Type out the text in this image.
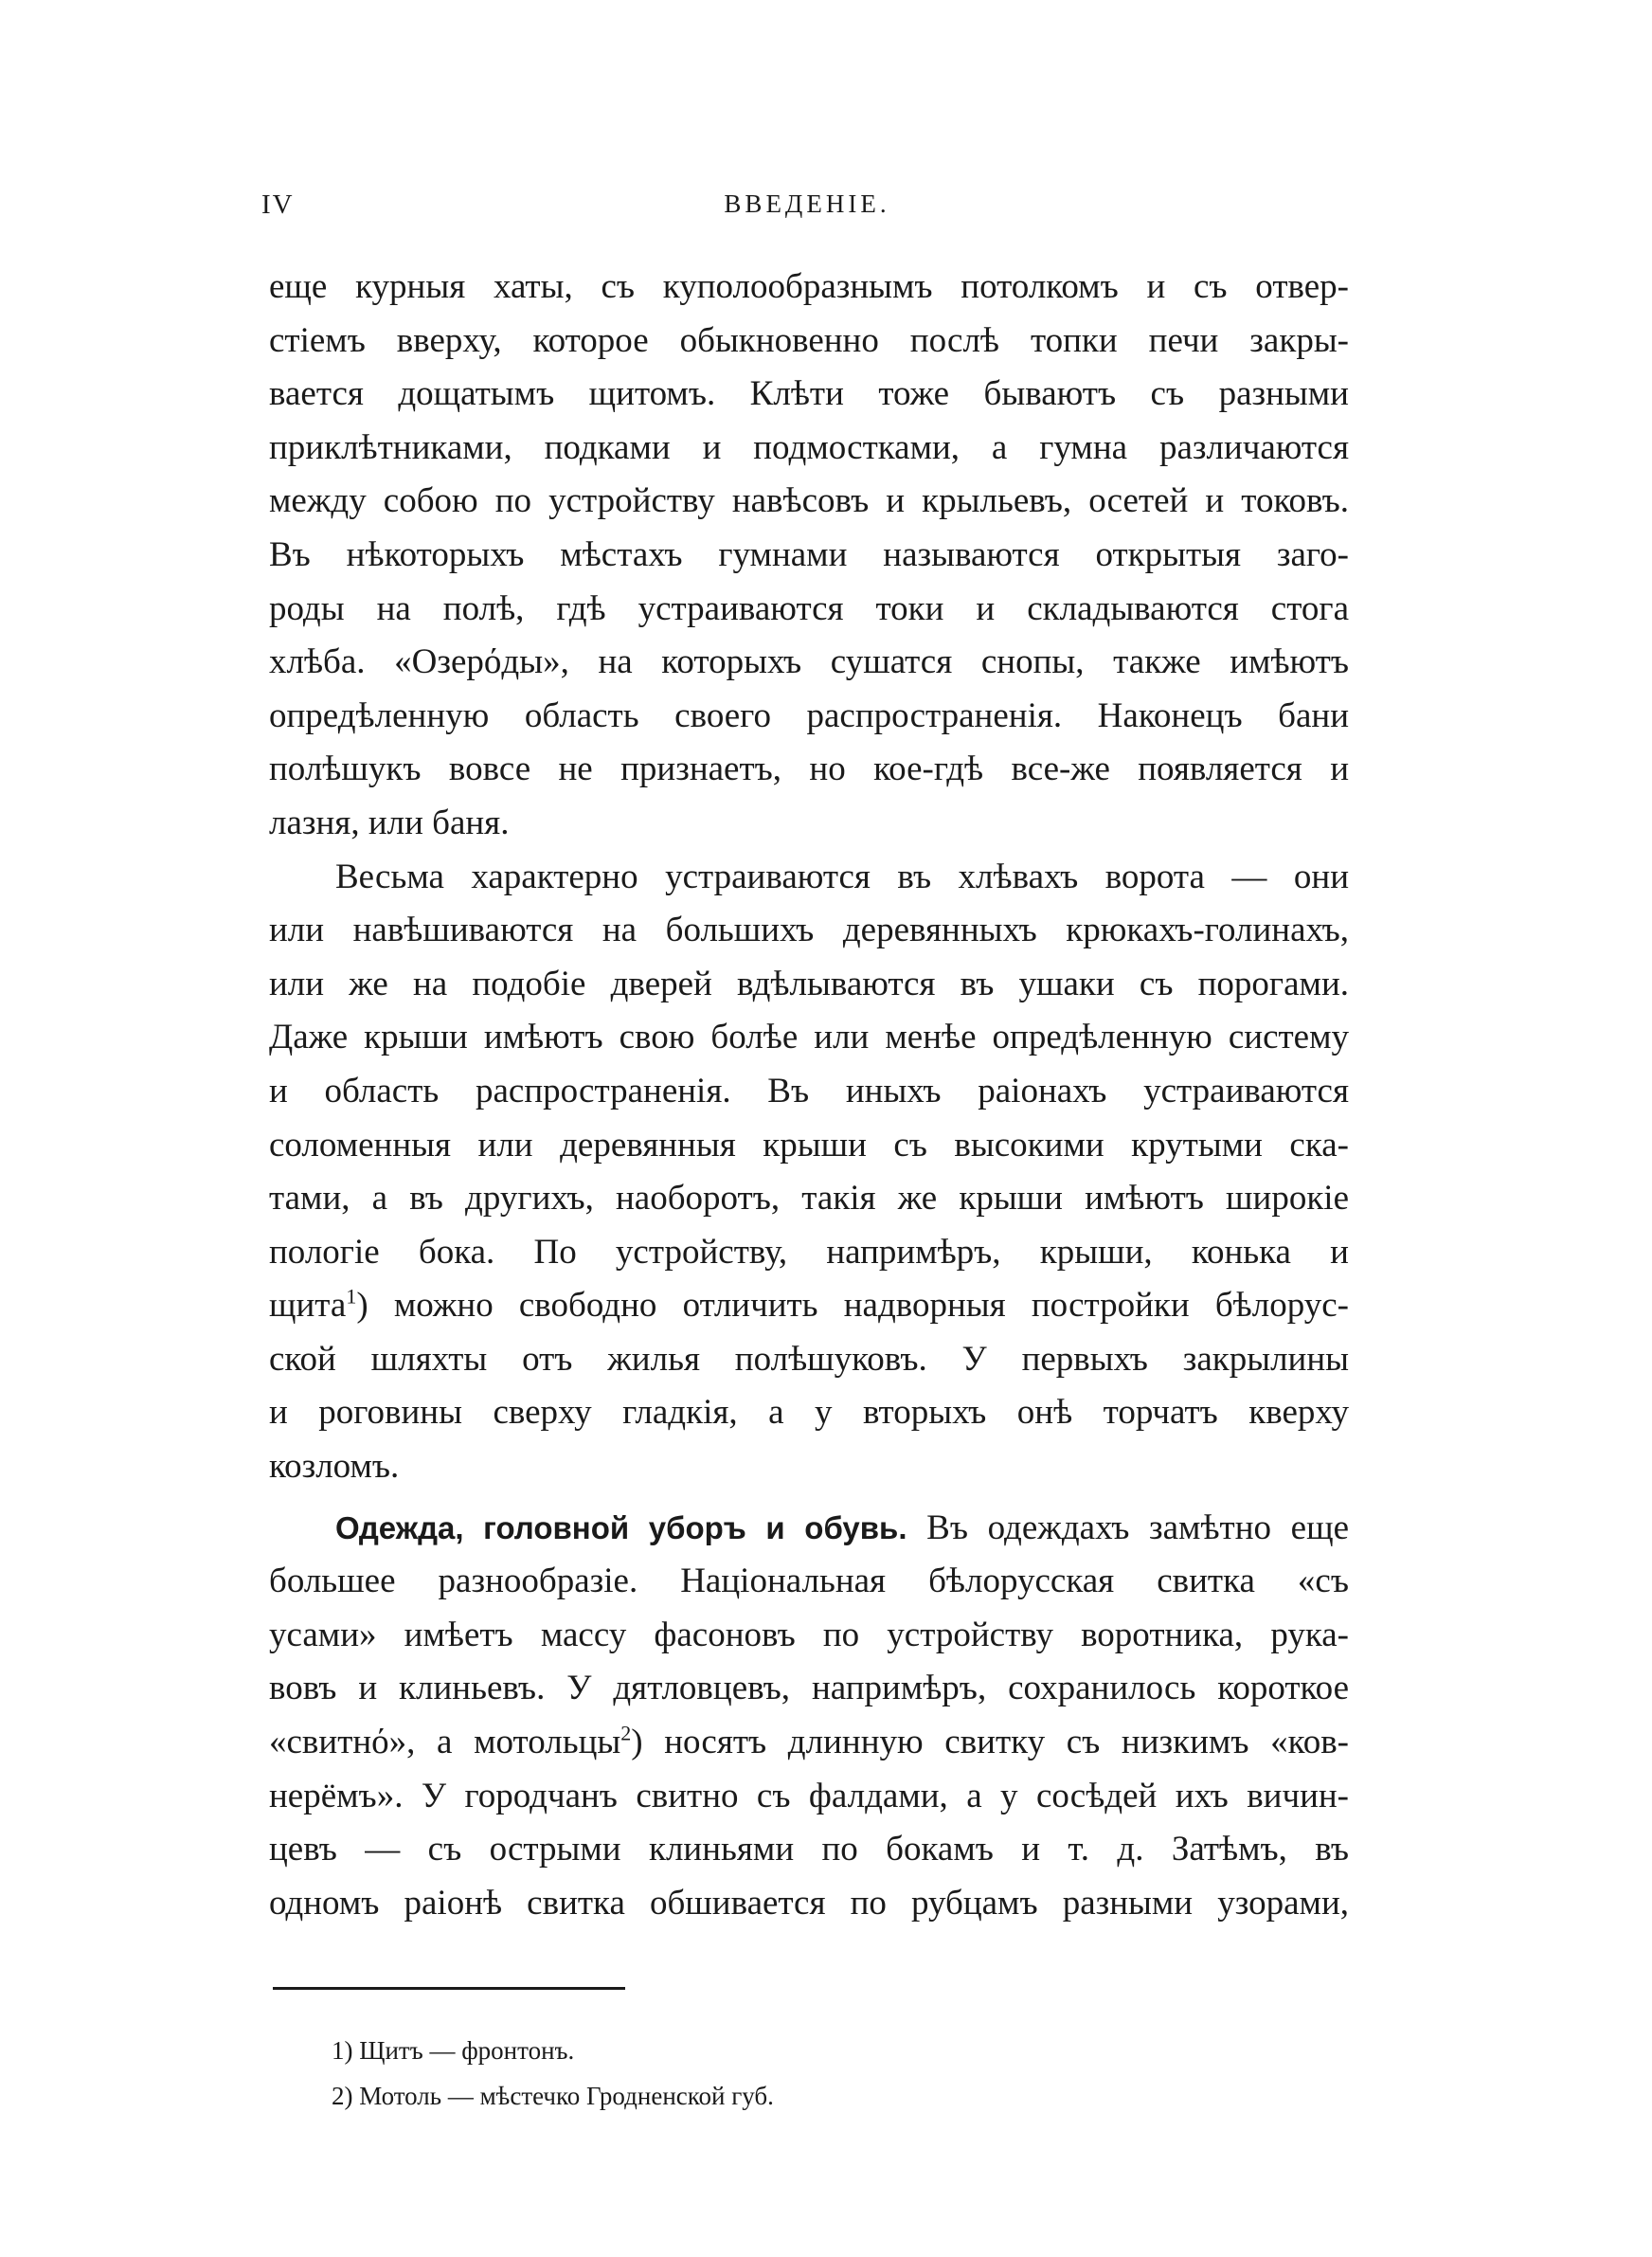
IV	ВВЕДЕНІЕ.
еще курныя хаты, съ куполообразнымъ потолкомъ и съ отвер-
стіемъ вверху, которое обыкновенно послѣ топки печи закры-
вается дощатымъ щитомъ. Клѣти тоже бываютъ съ разными
приклѣтниками, подками и подмостками, а гумна различаются
между собою по устройству навѣсовъ и крыльевъ, осетей и токовъ.
Въ нѣкоторыхъ мѣстахъ гумнами называются открытыя заго-
роды на полѣ, гдѣ устраиваются токи и складываются стога
хлѣба. «Озерόды», на которыхъ сушатся снопы, также имѣютъ
опредѣленную область своего распространенія. Наконецъ бани
полѣшукъ вовсе не признаетъ, но кое-гдѣ все-же появляется и
лазня, или баня.
Весьма характерно устраиваются въ хлѣвахъ ворота — они
или навѣшиваются на большихъ деревянныхъ крюкахъ-голинахъ,
или же на подобіе дверей вдѣлываются въ ушаки съ порогами.
Даже крыши имѣютъ свою болѣе или менѣе опредѣленную систему
и область распространенія. Въ иныхъ раіонахъ устраиваются
соломенныя или деревянныя крыши съ высокими крутыми ска-
тами, а въ другихъ, наоборотъ, такія же крыши имѣютъ широкіе
пологіе бока. По устройству, напримѣръ, крыши, конька и
щита$^1$) можно свободно отличить надворныя постройки бѣлорус-
ской шляхты отъ жилья полѣшуковъ. У первыхъ закрылины
и роговины сверху гладкія, а у вторыхъ онѣ торчатъ кверху
козломъ.
Одежда, головной уборъ и обувь. Въ одеждахъ замѣтно еще
большее разнообразіе. Національная бѣлорусская свитка «съ
усами» имѣетъ массу фасоновъ по устройству воротника, рука-
вовъ и клиньевъ. У дятловцевъ, напримѣръ, сохранилось короткое
«свитнό», а мотольцы$^2$) носятъ длинную свитку съ низкимъ «ков-
нерёмъ». У городчанъ свитно съ фалдами, а у сосѣдей ихъ вичин-
цевъ — съ острыми клиньями по бокамъ и т. д. Затѣмъ, въ
одномъ раіонѣ свитка обшивается по рубцамъ разными узорами,
1) Щитъ — фронтонъ.
2) Мотоль — мѣстечко Гродненской губ.
